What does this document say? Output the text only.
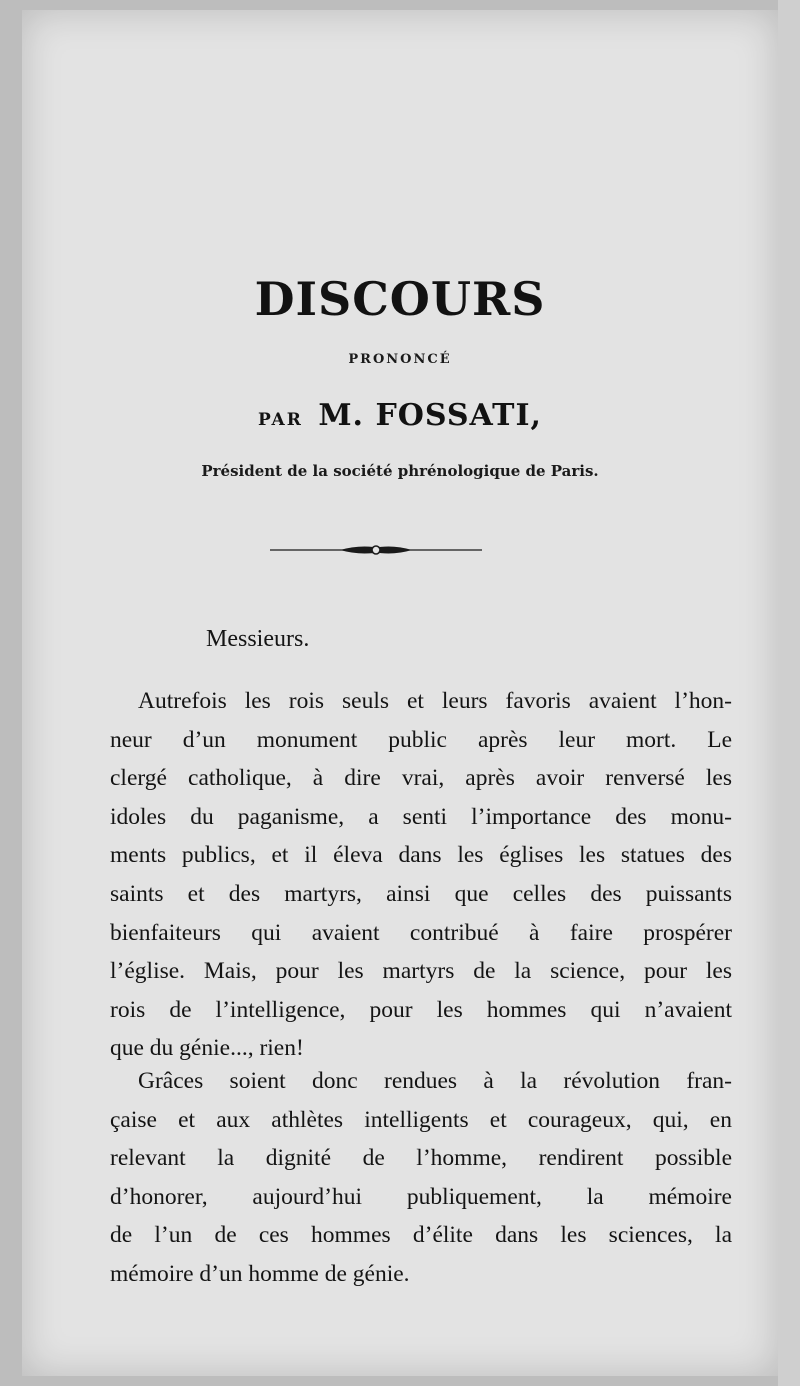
DISCOURS
PRONONCÉ
PAR M. FOSSATI,
Président de la société phrénologique de Paris.
Messieurs.
Autrefois les rois seuls et leurs favoris avaient l’hon-
neur d’un monument public après leur mort. Le
clergé catholique, à dire vrai, après avoir renversé les
idoles du paganisme, a senti l’importance des monu-
ments publics, et il éleva dans les églises les statues des
saints et des martyrs, ainsi que celles des puissants
bienfaiteurs qui avaient contribué à faire prospérer
l’église. Mais, pour les martyrs de la science, pour les
rois de l’intelligence, pour les hommes qui n’avaient
que du génie..., rien!
Grâces soient donc rendues à la révolution fran-
çaise et aux athlètes intelligents et courageux, qui, en
relevant la dignité de l’homme, rendirent possible
d’honorer, aujourd’hui publiquement, la mémoire
de l’un de ces hommes d’élite dans les sciences, la
mémoire d’un homme de génie.
